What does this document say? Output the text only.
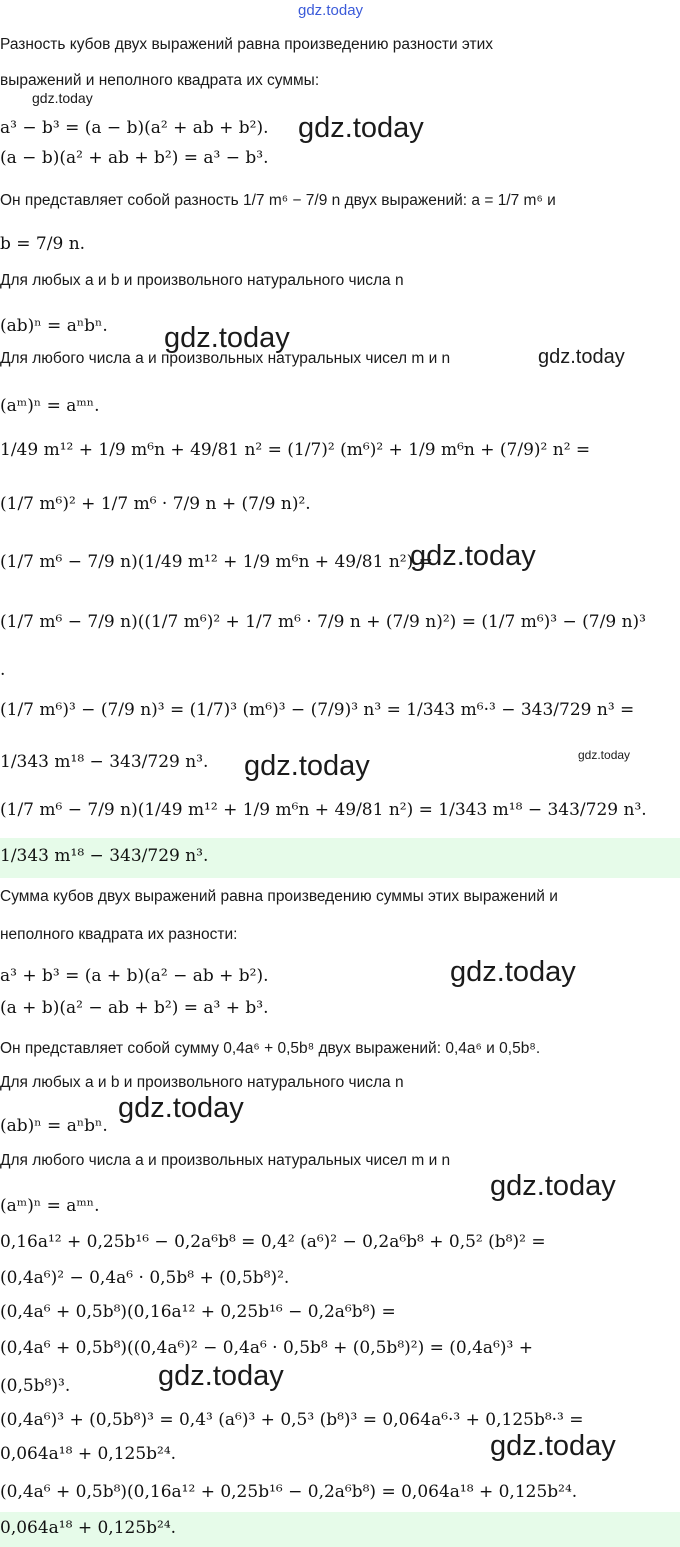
Разность кубов двух выражений равна произведению разности этих
выражений и неполного квадрата их суммы:
a³ − b³ = (a − b)(a² + ab + b²).
(a − b)(a² + ab + b²) = a³ − b³.
Он представляет собой разность 1/7 m⁶ − 7/9 n двух выражений: a = 1/7 m⁶ и
b = 7/9 n.
Для любых a и b и произвольного натурального числа n
(ab)ⁿ = aⁿbⁿ.
Для любого числа a и произвольных натуральных чисел m и n
(aᵐ)ⁿ = aᵐⁿ.
1/49 m¹² + 1/9 m⁶n + 49/81 n² = (1/7)² (m⁶)² + 1/9 m⁶n + (7/9)² n² =
(1/7 m⁶)² + 1/7 m⁶ · 7/9 n + (7/9 n)².
(1/7 m⁶ − 7/9 n)(1/49 m¹² + 1/9 m⁶n + 49/81 n²) =
(1/7 m⁶ − 7/9 n)((1/7 m⁶)² + 1/7 m⁶ · 7/9 n + (7/9 n)²) = (1/7 m⁶)³ − (7/9 n)³
.
(1/7 m⁶)³ − (7/9 n)³ = (1/7)³ (m⁶)³ − (7/9)³ n³ = 1/343 m⁶·³ − 343/729 n³ =
1/343 m¹⁸ − 343/729 n³.
(1/7 m⁶ − 7/9 n)(1/49 m¹² + 1/9 m⁶n + 49/81 n²) = 1/343 m¹⁸ − 343/729 n³.
1/343 m¹⁸ − 343/729 n³.
Сумма кубов двух выражений равна произведению суммы этих выражений и
неполного квадрата их разности:
a³ + b³ = (a + b)(a² − ab + b²).
(a + b)(a² − ab + b²) = a³ + b³.
Он представляет собой сумму 0,4a⁶ + 0,5b⁸ двух выражений: 0,4a⁶ и 0,5b⁸.
Для любых a и b и произвольного натурального числа n
(ab)ⁿ = aⁿbⁿ.
Для любого числа a и произвольных натуральных чисел m и n
(aᵐ)ⁿ = aᵐⁿ.
0,16a¹² + 0,25b¹⁶ − 0,2a⁶b⁸ = 0,4² (a⁶)² − 0,2a⁶b⁸ + 0,5² (b⁸)² =
(0,4a⁶)² − 0,4a⁶ · 0,5b⁸ + (0,5b⁸)².
(0,4a⁶ + 0,5b⁸)(0,16a¹² + 0,25b¹⁶ − 0,2a⁶b⁸) =
(0,4a⁶ + 0,5b⁸)((0,4a⁶)² − 0,4a⁶ · 0,5b⁸ + (0,5b⁸)²) = (0,4a⁶)³ +
(0,5b⁸)³.
(0,4a⁶)³ + (0,5b⁸)³ = 0,4³ (a⁶)³ + 0,5³ (b⁸)³ = 0,064a⁶·³ + 0,125b⁸·³ =
0,064a¹⁸ + 0,125b²⁴.
(0,4a⁶ + 0,5b⁸)(0,16a¹² + 0,25b¹⁶ − 0,2a⁶b⁸) = 0,064a¹⁸ + 0,125b²⁴.
0,064a¹⁸ + 0,125b²⁴.
gdz.today
gdz.today
gdz.today
gdz.today
gdz.today
gdz.today
gdz.today	gdz.today
gdz.today
gdz.today
gdz.today
gdz.today
gdz.today
